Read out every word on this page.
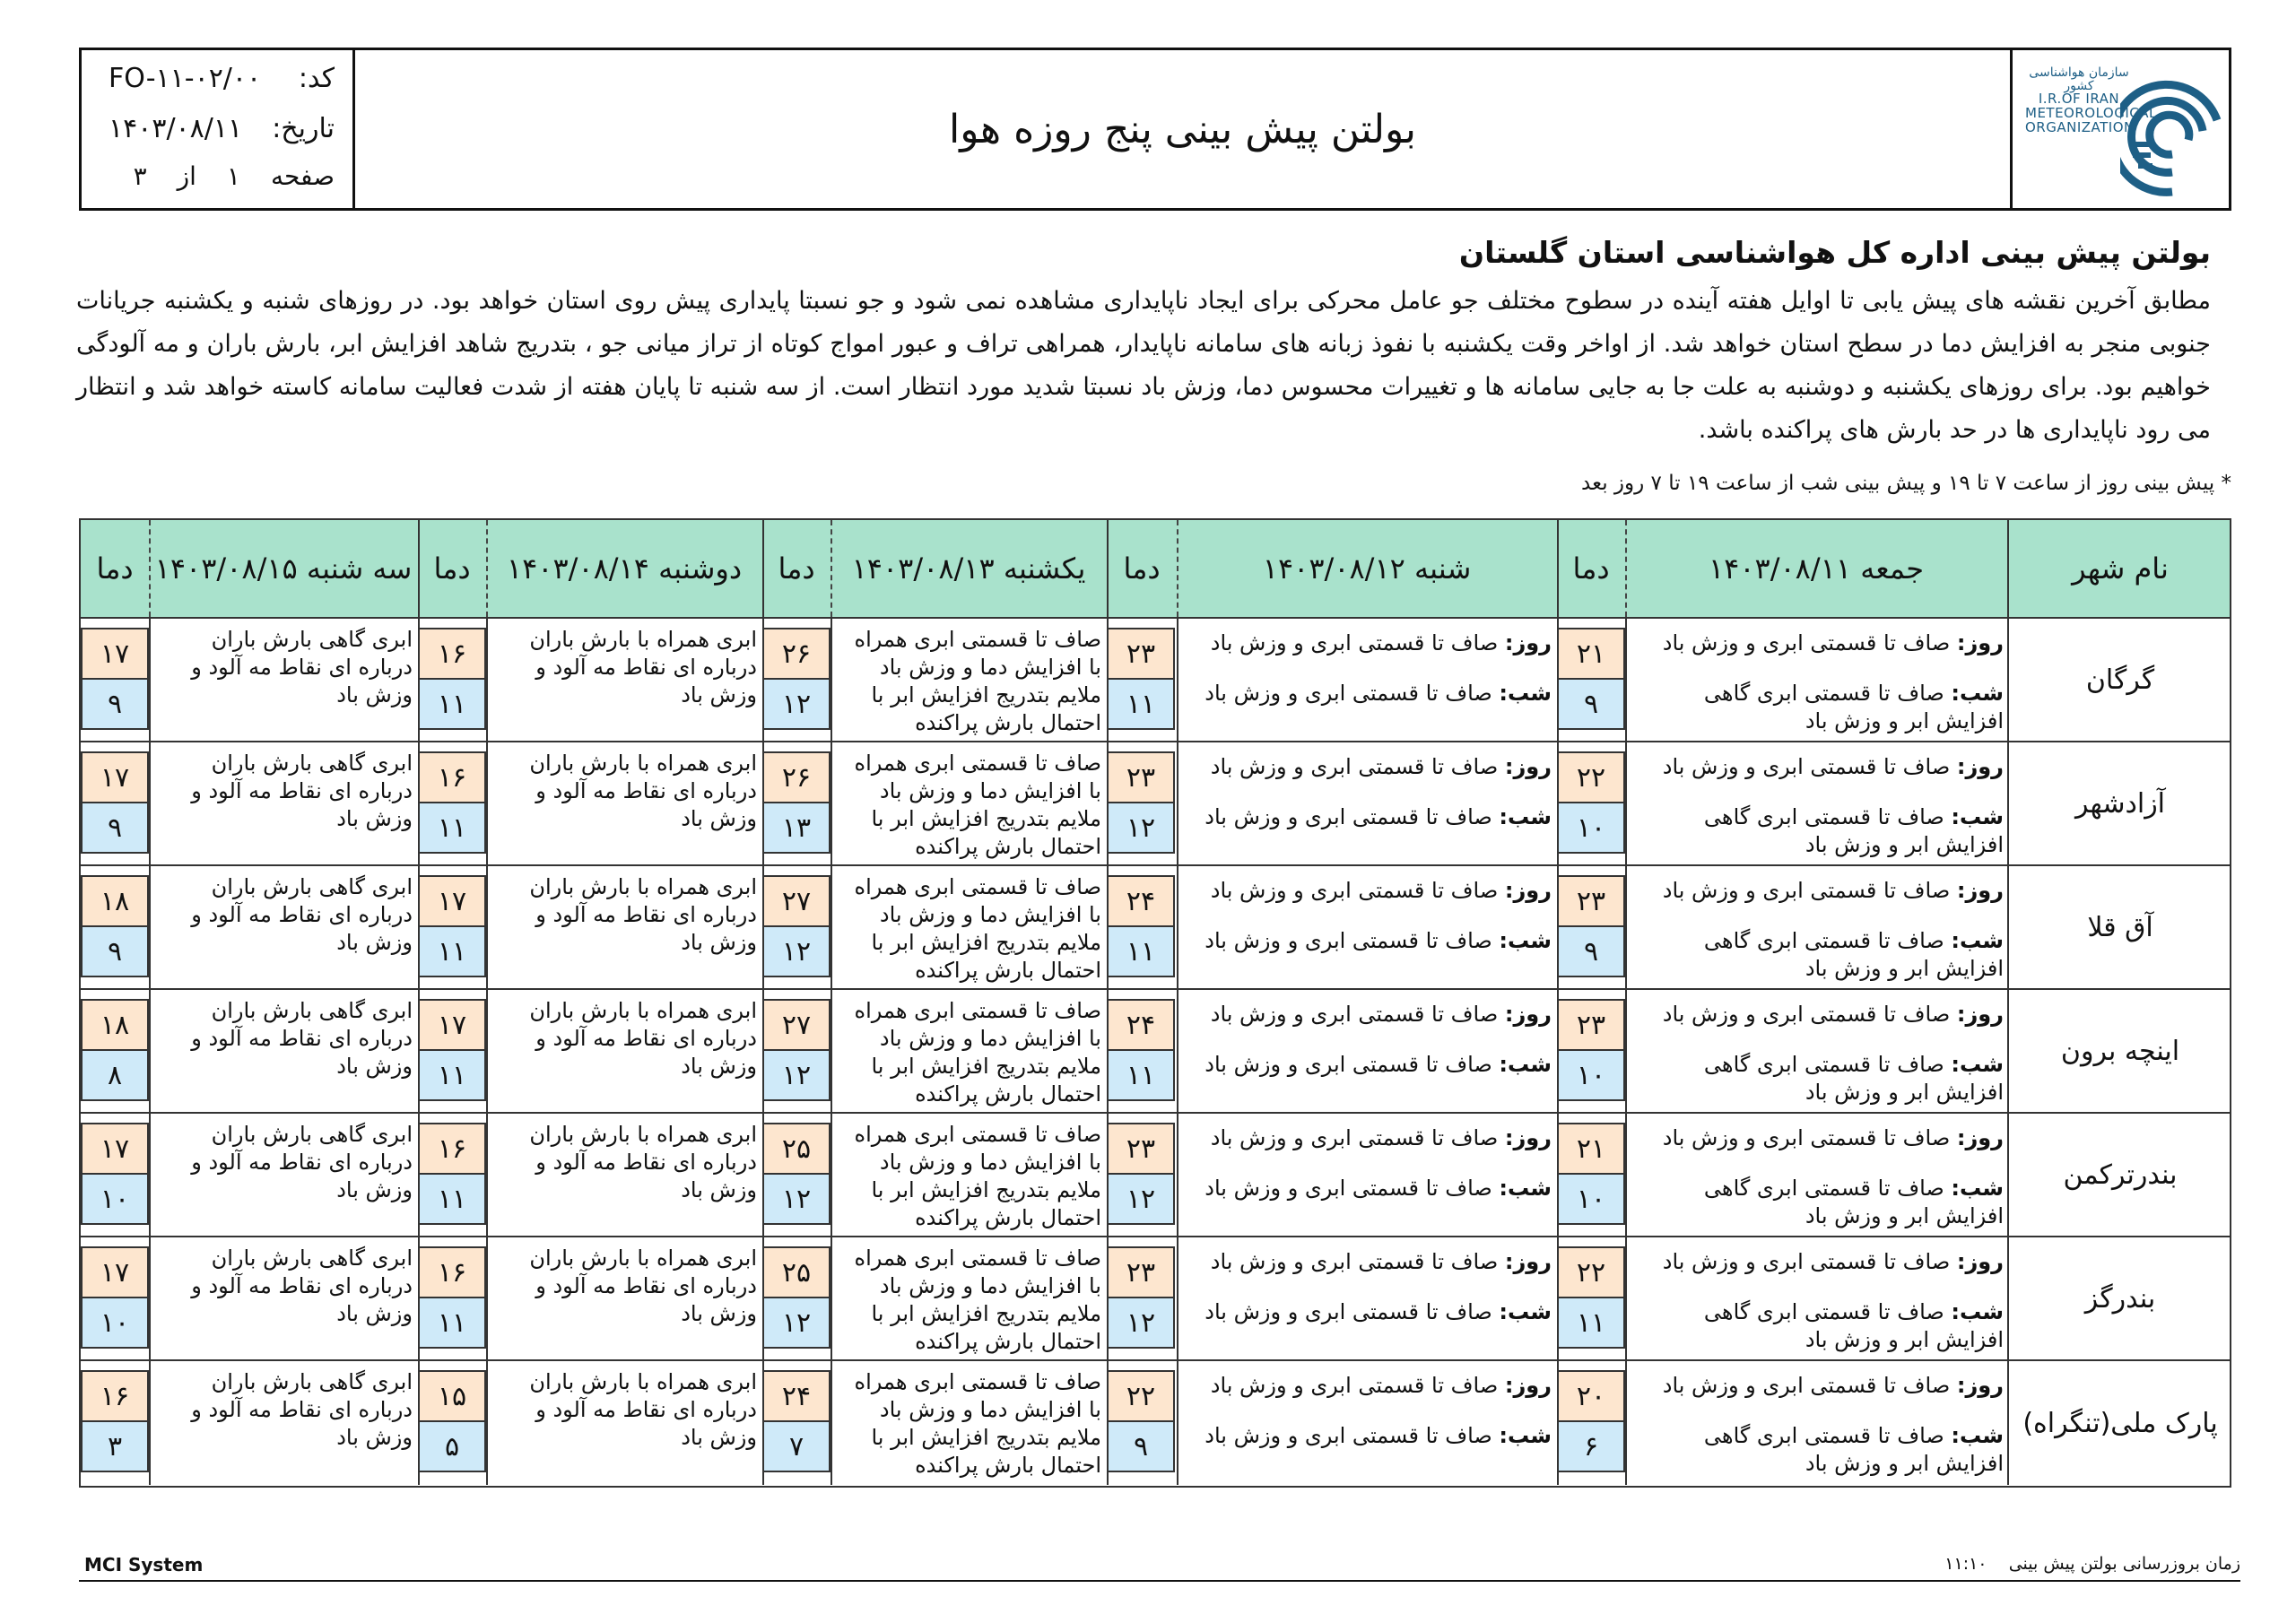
کد:
FO-۱۱-۰۲/۰۰
تاریخ:
۱۴۰۳/۰۸/۱۱
صفحه
۱
از
۳
بولتن پیش بینی پنج روزه هوا
سازمان هواشناسی کشور
I.R.OF IRAN
METEOROLOGICAL
ORGANIZATION
بولتن پیش بینی اداره کل هواشناسی استان گلستان
مطابق آخرین نقشه های پیش یابی تا اوایل هفته آینده در سطوح مختلف جو عامل محرکی برای ایجاد ناپایداری مشاهده نمی شود و جو نسبتا پایداری پیش روی استان خواهد بود. در روزهای شنبه و یکشنبه جریانات جنوبی منجر به افزایش دما در سطح استان خواهد شد. از اواخر وقت یکشنبه با نفوذ زبانه های سامانه ناپایدار، همراهی تراف و عبور امواج کوتاه از تراز میانی جو ، بتدریج شاهد افزایش ابر، بارش باران و مه آلودگی خواهیم بود. برای روزهای یکشنبه و دوشنبه به علت جا به جایی سامانه ها و تغییرات محسوس دما، وزش باد نسبتا شدید مورد انتظار است. از سه شنبه تا پایان هفته از شدت فعالیت سامانه کاسته خواهد شد و انتظار می رود ناپایداری ها در حد بارش های پراکنده باشد.
* پیش بینی روز از ساعت ۷ تا ۱۹ و پیش بینی شب از ساعت ۱۹ تا ۷ روز بعد
نام شهر
جمعه ۱۴۰۳/۰۸/۱۱
دما
شنبه ۱۴۰۳/۰۸/۱۲
دما
یکشنبه ۱۴۰۳/۰۸/۱۳
دما
دوشنبه ۱۴۰۳/۰۸/۱۴
دما
سه شنبه ۱۴۰۳/۰۸/۱۵
دما
گرگان
روز: صاف تا قسمتی ابری و وزش باد
شب: صاف تا قسمتی ابری گاهی افزایش ابر و وزش باد
۲۱
۹
روز: صاف تا قسمتی ابری و وزش باد
شب: صاف تا قسمتی ابری و وزش باد
۲۳
۱۱
صاف تا قسمتی ابری همراه با افزایش دما و وزش باد ملایم بتدریج افزایش ابر با احتمال بارش پراکنده
۲۶
۱۲
ابری همراه با بارش باران درباره ای نقاط مه آلود و وزش باد
۱۶
۱۱
ابری گاهی بارش باران درباره ای نقاط مه آلود و وزش باد
۱۷
۹
آزادشهر
روز: صاف تا قسمتی ابری و وزش باد
شب: صاف تا قسمتی ابری گاهی افزایش ابر و وزش باد
۲۲
۱۰
روز: صاف تا قسمتی ابری و وزش باد
شب: صاف تا قسمتی ابری و وزش باد
۲۳
۱۲
صاف تا قسمتی ابری همراه با افزایش دما و وزش باد ملایم بتدریج افزایش ابر با احتمال بارش پراکنده
۲۶
۱۳
ابری همراه با بارش باران درباره ای نقاط مه آلود و وزش باد
۱۶
۱۱
ابری گاهی بارش باران درباره ای نقاط مه آلود و وزش باد
۱۷
۹
آق قلا
روز: صاف تا قسمتی ابری و وزش باد
شب: صاف تا قسمتی ابری گاهی افزایش ابر و وزش باد
۲۳
۹
روز: صاف تا قسمتی ابری و وزش باد
شب: صاف تا قسمتی ابری و وزش باد
۲۴
۱۱
صاف تا قسمتی ابری همراه با افزایش دما و وزش باد ملایم بتدریج افزایش ابر با احتمال بارش پراکنده
۲۷
۱۲
ابری همراه با بارش باران درباره ای نقاط مه آلود و وزش باد
۱۷
۱۱
ابری گاهی بارش باران درباره ای نقاط مه آلود و وزش باد
۱۸
۹
اینچه برون
روز: صاف تا قسمتی ابری و وزش باد
شب: صاف تا قسمتی ابری گاهی افزایش ابر و وزش باد
۲۳
۱۰
روز: صاف تا قسمتی ابری و وزش باد
شب: صاف تا قسمتی ابری و وزش باد
۲۴
۱۱
صاف تا قسمتی ابری همراه با افزایش دما و وزش باد ملایم بتدریج افزایش ابر با احتمال بارش پراکنده
۲۷
۱۲
ابری همراه با بارش باران درباره ای نقاط مه آلود و وزش باد
۱۷
۱۱
ابری گاهی بارش باران درباره ای نقاط مه آلود و وزش باد
۱۸
۸
بندرترکمن
روز: صاف تا قسمتی ابری و وزش باد
شب: صاف تا قسمتی ابری گاهی افزایش ابر و وزش باد
۲۱
۱۰
روز: صاف تا قسمتی ابری و وزش باد
شب: صاف تا قسمتی ابری و وزش باد
۲۳
۱۲
صاف تا قسمتی ابری همراه با افزایش دما و وزش باد ملایم بتدریج افزایش ابر با احتمال بارش پراکنده
۲۵
۱۲
ابری همراه با بارش باران درباره ای نقاط مه آلود و وزش باد
۱۶
۱۱
ابری گاهی بارش باران درباره ای نقاط مه آلود و وزش باد
۱۷
۱۰
بندرگز
روز: صاف تا قسمتی ابری و وزش باد
شب: صاف تا قسمتی ابری گاهی افزایش ابر و وزش باد
۲۲
۱۱
روز: صاف تا قسمتی ابری و وزش باد
شب: صاف تا قسمتی ابری و وزش باد
۲۳
۱۲
صاف تا قسمتی ابری همراه با افزایش دما و وزش باد ملایم بتدریج افزایش ابر با احتمال بارش پراکنده
۲۵
۱۲
ابری همراه با بارش باران درباره ای نقاط مه آلود و وزش باد
۱۶
۱۱
ابری گاهی بارش باران درباره ای نقاط مه آلود و وزش باد
۱۷
۱۰
پارک ملی(تنگراه)
روز: صاف تا قسمتی ابری و وزش باد
شب: صاف تا قسمتی ابری گاهی افزایش ابر و وزش باد
۲۰
۶
روز: صاف تا قسمتی ابری و وزش باد
شب: صاف تا قسمتی ابری و وزش باد
۲۲
۹
صاف تا قسمتی ابری همراه با افزایش دما و وزش باد ملایم بتدریج افزایش ابر با احتمال بارش پراکنده
۲۴
۷
ابری همراه با بارش باران درباره ای نقاط مه آلود و وزش باد
۱۵
۵
ابری گاهی بارش باران درباره ای نقاط مه آلود و وزش باد
۱۶
۳
MCI System	زمان بروزرسانی بولتن پیش بینی    ۱۱:۱۰
